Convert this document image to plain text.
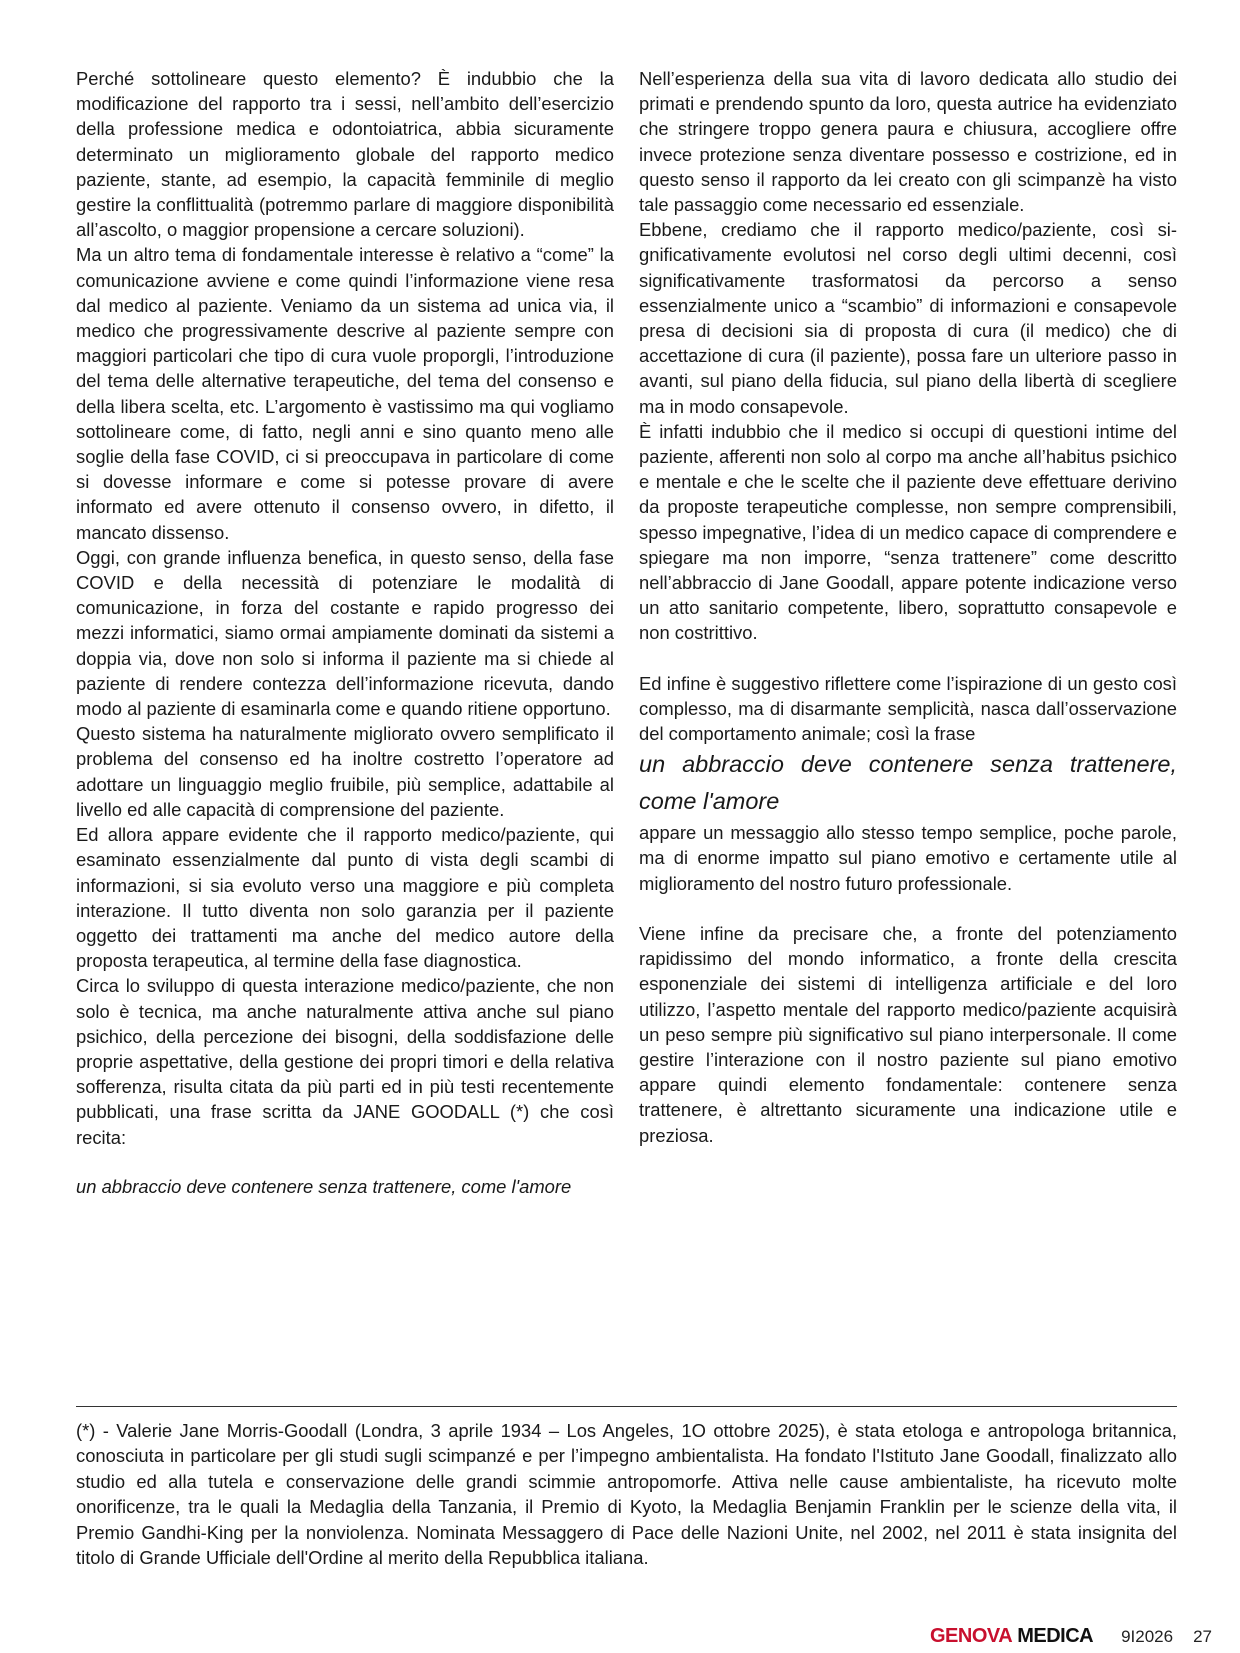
Perché sottolineare questo elemento? È indubbio che la modificazione del rapporto tra i sessi, nell’ambito dell’esercizio della professione medica e odontoiatrica, abbia sicuramente determinato un miglioramento globale del rapporto medico paziente, stante, ad esempio, la capacità femminile di meglio gestire la conflittualità (potremmo parlare di maggiore disponibilità all’ascolto, o maggior propensione a cercare soluzioni).

Ma un altro tema di fondamentale interesse è relativo a “come” la comunicazione avviene e come quindi l’informazione viene resa dal medico al paziente. Veniamo da un sistema ad unica via, il medico che progressivamente descrive al paziente sempre con maggiori particolari che tipo di cura vuole proporgli, l’introduzione del tema delle alternative terapeutiche, del tema del consenso e della libera scelta, etc. L’argomento è vastissimo ma qui vogliamo sottolineare come, di fatto, negli anni e sino quanto meno alle soglie della fase COVID, ci si preoccupava in particolare di come si dovesse informare e come si potesse provare di avere informato ed avere ottenuto il consenso ovvero, in difetto, il mancato dissenso.

Oggi, con grande influenza benefica, in questo senso, della fase COVID e della necessità di potenziare le modalità di comunicazione, in forza del costante e rapido progresso dei mezzi informatici, siamo ormai ampiamente dominati da sistemi a doppia via, dove non solo si informa il paziente ma si chiede al paziente di rendere contezza dell’informazione ricevuta, dando modo al paziente di esaminarla come e quando ritiene opportuno.

Questo sistema ha naturalmente migliorato ovvero semplificato il problema del consenso ed ha inoltre costretto l’operatore ad adottare un linguaggio meglio fruibile, più semplice, adattabile al livello ed alle capacità di comprensione del paziente.

Ed allora appare evidente che il rapporto medico/paziente, qui esaminato essenzialmente dal punto di vista degli scambi di informazioni, si sia evoluto verso una maggiore e più completa interazione. Il tutto diventa non solo garanzia per il paziente oggetto dei trattamenti ma anche del medico autore della proposta terapeutica, al termine della fase diagnostica.

Circa lo sviluppo di questa interazione medico/paziente, che non solo è tecnica, ma anche naturalmente attiva anche sul piano psichico, della percezione dei bisogni, della soddisfazione delle proprie aspettative, della gestione dei propri timori e della relativa sofferenza, risulta citata da più parti ed in più testi recentemente pubblicati, una frase scritta da JANE GOODALL (*) che così recita:

un abbraccio deve contenere senza trattenere, come l'amore

Nell’esperienza della sua vita di lavoro dedicata allo studio dei primati e prendendo spunto da loro, questa autrice ha evidenziato che stringere troppo genera paura e chiusura, accogliere offre invece protezione senza diventare possesso e costrizione, ed in questo senso il rapporto da lei creato con gli scimpanzè ha visto tale passaggio come necessario ed essenziale.

Ebbene, crediamo che il rapporto medico/paziente, così significativamente evolutosi nel corso degli ultimi decenni, così significativamente trasformatosi da percorso a senso essenzialmente unico a “scambio” di informazioni e consapevole presa di decisioni sia di proposta di cura (il medico) che di accettazione di cura (il paziente), possa fare un ulteriore passo in avanti, sul piano della fiducia, sul piano della libertà di scegliere ma in modo consapevole.

È infatti indubbio che il medico si occupi di questioni intime del paziente, afferenti non solo al corpo ma anche all’habitus psichico e mentale e che le scelte che il paziente deve effettuare derivino da proposte terapeutiche complesse, non sempre comprensibili, spesso impegnative, l’idea di un medico capace di comprendere e spiegare ma non imporre, “senza trattenere” come descritto nell’abbraccio di Jane Goodall, appare potente indicazione verso un atto sanitario competente, libero, soprattutto consapevole e non costrittivo.

Ed infine è suggestivo riflettere come l’ispirazione di un gesto così complesso, ma di disarmante semplicità, nasca dall’osservazione del comportamento animale; così la frase

un abbraccio deve contenere senza trattenere, come l'amore

appare un messaggio allo stesso tempo semplice, poche parole, ma di enorme impatto sul piano emotivo e certamente utile al miglioramento del nostro futuro professionale.

Viene infine da precisare che, a fronte del potenziamento rapidissimo del mondo informatico, a fronte della crescita esponenziale dei sistemi di intelligenza artificiale e del loro utilizzo, l’aspetto mentale del rapporto medico/paziente acquisirà un peso sempre più significativo sul piano interpersonale. Il come gestire l’interazione con il nostro paziente sul piano emotivo appare quindi elemento fondamentale: contenere senza trattenere, è altrettanto sicuramente una indicazione utile e preziosa.

(*) - Valerie Jane Morris-Goodall (Londra, 3 aprile 1934 – Los Angeles, 1O ottobre 2025), è stata etologa e antropologa britannica, conosciuta in particolare per gli studi sugli scimpanzé e per l’impegno ambientalista. Ha fondato l'Istituto Jane Goodall, finalizzato allo studio ed alla tutela e conservazione delle grandi scimmie antropomorfe. Attiva nelle cause ambientaliste, ha ricevuto molte onorificenze, tra le quali la Medaglia della Tanzania, il Premio di Kyoto, la Medaglia Benjamin Franklin per le scienze della vita, il Premio Gandhi-King per la nonviolenza. Nominata Messaggero di Pace delle Nazioni Unite, nel 2002, nel 2011 è stata insignita del titolo di Grande Ufficiale dell'Ordine al merito della Repubblica italiana.

GENOVA MEDICA 9I2026 27
